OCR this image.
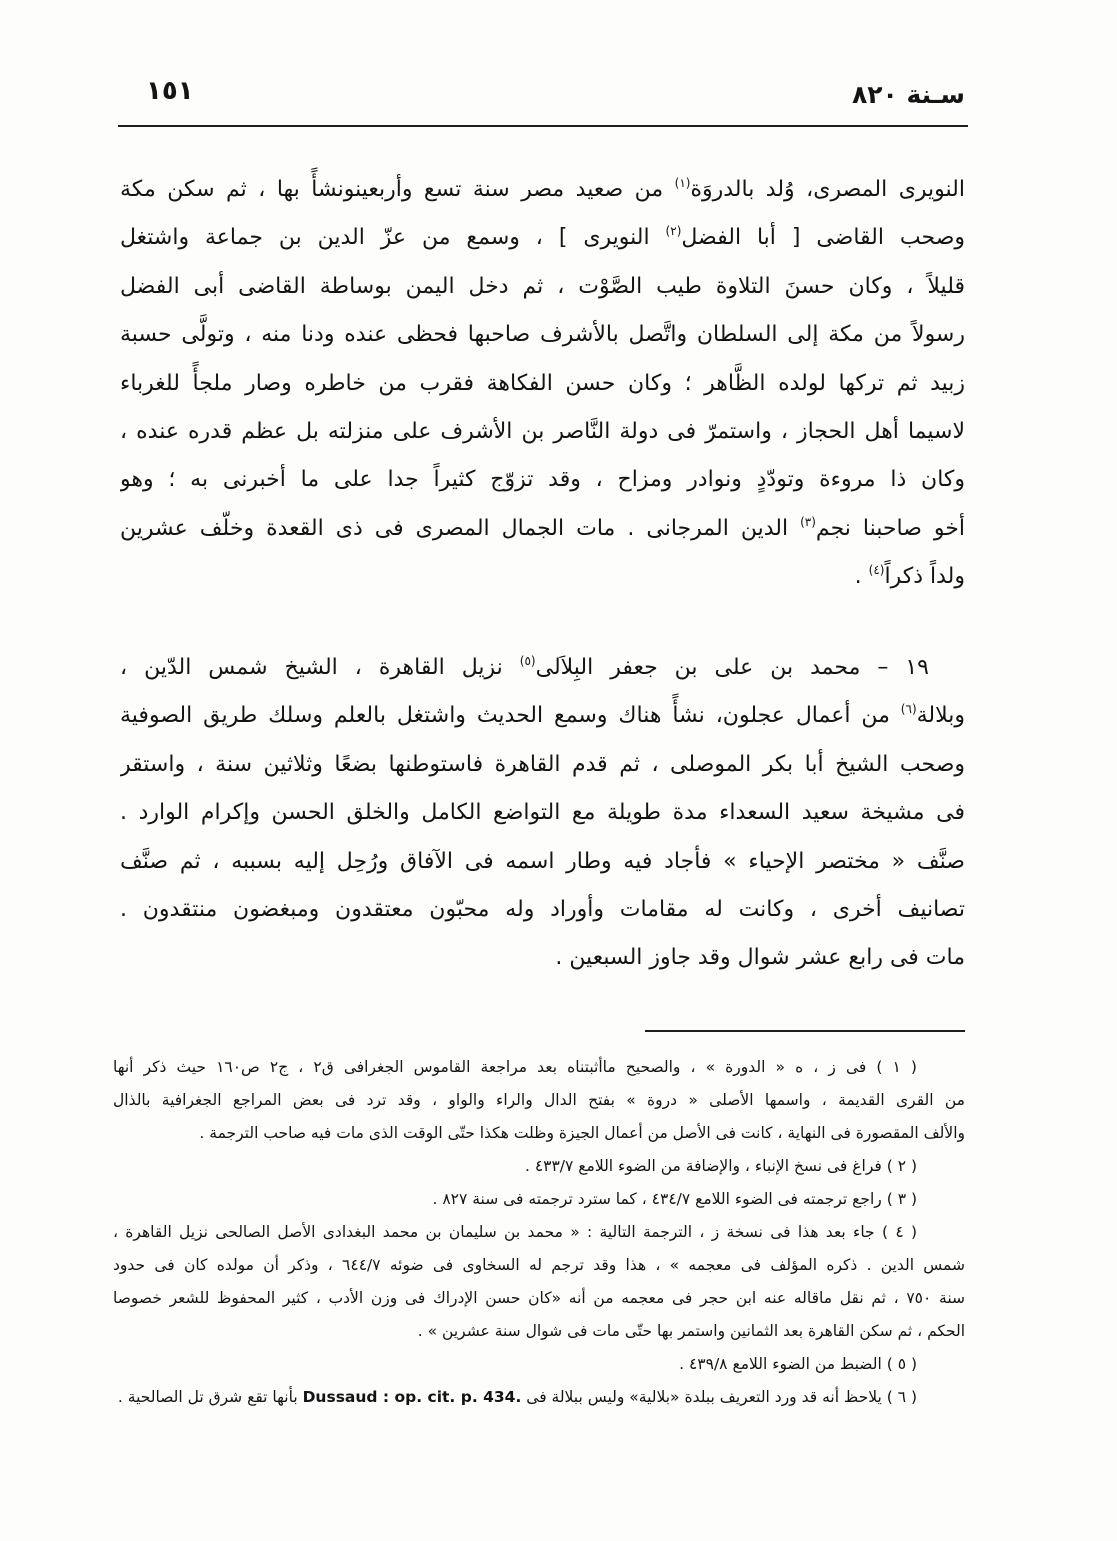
١٥١	سـنة ٨٢٠
النويرى المصرى، وُلد بالدروَة$^{(١)}$ من صعيد مصر سنة تسع وأربعينونشأً بها ، ثم سكن مكة
وصحب القاضى [ أبا الفضل$^{(٢)}$ النويرى ] ، وسمع من عزّ الدين بن جماعة واشتغل
قليلاً ، وكان حسنَ التلاوة طيب الصَّوْت ، ثم دخل اليمن بوساطة القاضى أبى الفضل
رسولاً من مكة إلى السلطان واتَّصل بالأشرف صاحبها فحظى عنده ودنا منه ، وتولَّى حسبة
زبيد ثم تركها لولده الظَّاهر ؛ وكان حسن الفكاهة فقرب من خاطره وصار ملجأً للغرباء
لاسيما أهل الحجاز ، واستمرّ فى دولة النَّاصر بن الأشرف على منزلته بل عظم قدره عنده ،
وكان ذا مروءة وتودّدٍ ونوادر ومزاح ، وقد تزوّج كثيراً جدا على ما أخبرنى به ؛ وهو
أخو صاحبنا نجم$^{(٣)}$ الدين المرجانى . مات الجمال المصرى فى ذى القعدة وخلّف عشرين
ولداً ذكراً$^{(٤)}$ .
١٩ – محمد بن على بن جعفر البِلاَلى$^{(٥)}$ نزيل القاهرة ، الشيخ شمس الدّين ،
وبلالة$^{(٦)}$ من أعمال عجلون، نشأً هناك وسمع الحديث واشتغل بالعلم وسلك طريق الصوفية
وصحب الشيخ أبا بكر الموصلى ، ثم قدم القاهرة فاستوطنها بضعًا وثلاثين سنة ، واستقر
فى مشيخة سعيد السعداء مدة طويلة مع التواضع الكامل والخلق الحسن وإكرام الوارد .
صنَّف « مختصر الإحياء » فأجاد فيه وطار اسمه فى الآفاق ورُحِل إليه بسببه ، ثم صنَّف
تصانيف أخرى ، وكانت له مقامات وأوراد وله محبّون معتقدون ومبغضون منتقدون .
مات فى رابع عشر شوال وقد جاوز السبعين .
( ١ ) فى ز ، ه « الدورة » ، والصحيح ماأثبتناه بعد مراجعة القاموس الجغرافى ق٢ ، ج٢ ص١٦٠ حيث ذكر أنها
من القرى القديمة ، واسمها الأصلى « دروة » بفتح الدال والراء والواو ، وقد ترد فى بعض المراجع الجغرافية بالذال
والألف المقصورة فى النهاية ، كانت فى الأصل من أعمال الجيزة وظلت هكذا حتّى الوقت الذى مات فيه صاحب الترجمة .
( ٢ ) فراغ فى نسخ الإنباء ، والإضافة من الضوء اللامع ٤٣٣/٧ .
( ٣ ) راجع ترجمته فى الضوء اللامع ٤٣٤/٧ ، كما سترد ترجمته فى سنة ٨٢٧ .
( ٤ ) جاء بعد هذا فى نسخة ز ، الترجمة التالية : « محمد بن سليمان بن محمد البغدادى الأصل الصالحى نزيل القاهرة ،
شمس الدين . ذكره المؤلف فى معجمه » ، هذا وقد ترجم له السخاوى فى ضوئه ٦٤٤/٧ ، وذكر أن مولده كان فى حدود
سنة ٧٥٠ ، ثم نقل ماقاله عنه ابن حجر فى معجمه من أنه «كان حسن الإدراك فى وزن الأدب ، كثير المحفوظ للشعر خصوصا
الحكم ، ثم سكن القاهرة بعد الثمانين واستمر بها حتّى مات فى شوال سنة عشرين » .
( ٥ ) الضبط من الضوء اللامع ٤٣٩/٨ .
( ٦ ) يلاحظ أنه قد ورد التعريف ببلدة «بلالية» وليس ببلالة فى Dussaud : op. cit. p. 434. بأنها تقع شرق تل الصالحية .
